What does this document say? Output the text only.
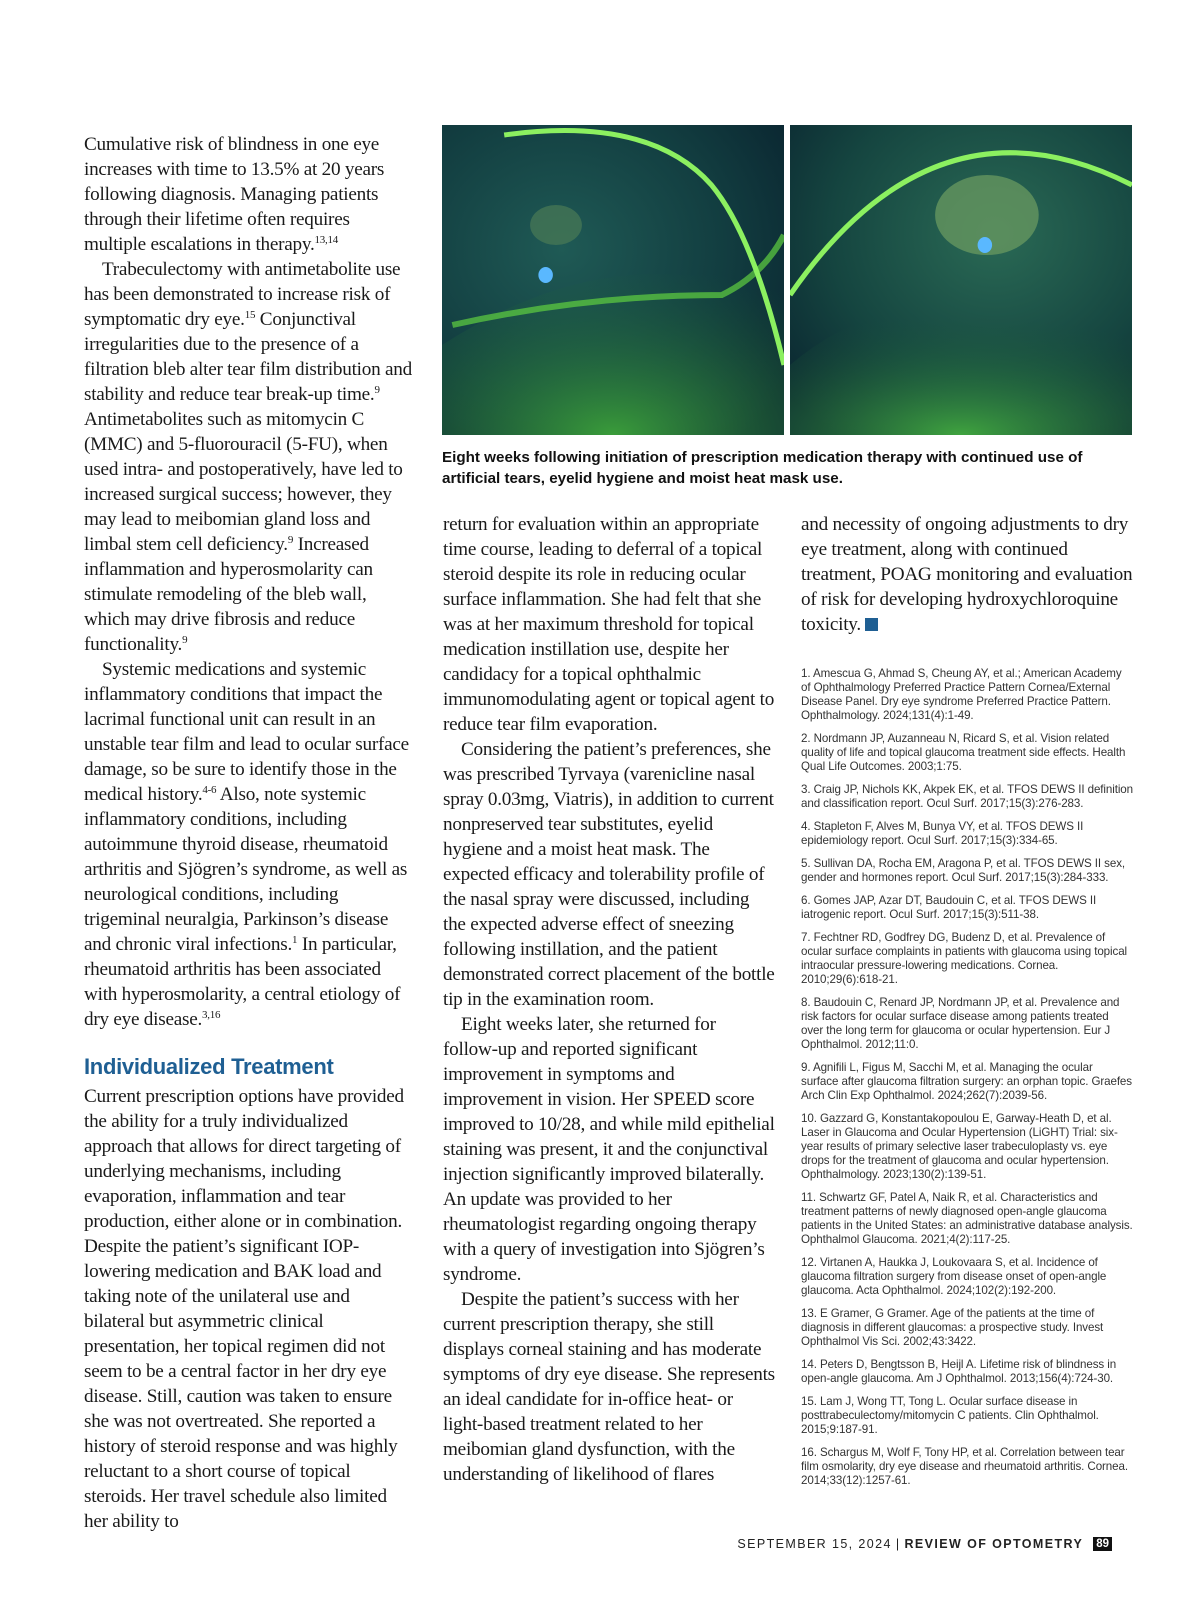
Eight weeks following initiation of prescription medication therapy with continued use of artificial tears, eyelid hygiene and moist heat mask use.

Cumulative risk of blindness in one eye increases with time to 13.5% at 20 years following diagnosis. Managing patients through their lifetime often requires multiple escalations in therapy.$^{13,14}$

Trabeculectomy with antimetabolite use has been demonstrated to increase risk of symptomatic dry eye.$^{15}$ Conjunctival irregularities due to the presence of a filtration bleb alter tear film distribution and stability and reduce tear break-up time.$^9$ Antimetabolites such as mitomycin C (MMC) and 5-fluorouracil (5-FU), when used intra- and postoperatively, have led to increased surgical success; however, they may lead to meibomian gland loss and limbal stem cell deficiency.$^9$ Increased inflammation and hyperosmolarity can stimulate remodeling of the bleb wall, which may drive fibrosis and reduce functionality.$^9$

Systemic medications and systemic inflammatory conditions that impact the lacrimal functional unit can result in an unstable tear film and lead to ocular surface damage, so be sure to identify those in the medical history.$^{4-6}$ Also, note systemic inflammatory conditions, including autoimmune thyroid disease, rheumatoid arthritis and Sjögren’s syndrome, as well as neurological conditions, including trigeminal neuralgia, Parkinson’s disease and chronic viral infections.$^1$ In particular, rheumatoid arthritis has been associated with hyperosmolarity, a central etiology of dry eye disease.$^{3,16}$

Individualized Treatment

Current prescription options have provided the ability for a truly individualized approach that allows for direct targeting of underlying mechanisms, including evaporation, inflammation and tear production, either alone or in combination. Despite the patient’s significant IOP-lowering medication and BAK load and taking note of the unilateral use and bilateral but asymmetric clinical presentation, her topical regimen did not seem to be a central factor in her dry eye disease. Still, caution was taken to ensure she was not overtreated. She reported a history of steroid response and was highly reluctant to a short course of topical steroids. Her travel schedule also limited her ability to

return for evaluation within an appropriate time course, leading to deferral of a topical steroid despite its role in reducing ocular surface inflammation. She had felt that she was at her maximum threshold for topical medication instillation use, despite her candidacy for a topical ophthalmic immunomodulating agent or topical agent to reduce tear film evaporation.

Considering the patient’s preferences, she was prescribed Tyrvaya (varenicline nasal spray 0.03mg, Viatris), in addition to current nonpreserved tear substitutes, eyelid hygiene and a moist heat mask. The expected efficacy and tolerability profile of the nasal spray were discussed, including the expected adverse effect of sneezing following instillation, and the patient demonstrated correct placement of the bottle tip in the examination room.

Eight weeks later, she returned for follow-up and reported significant improvement in symptoms and improvement in vision. Her SPEED score improved to 10/28, and while mild epithelial staining was present, it and the conjunctival injection significantly improved bilaterally. An update was provided to her rheumatologist regarding ongoing therapy with a query of investigation into Sjögren’s syndrome.

Despite the patient’s success with her current prescription therapy, she still displays corneal staining and has moderate symptoms of dry eye disease. She represents an ideal candidate for in-office heat- or light-based treatment related to her meibomian gland dysfunction, with the understanding of likelihood of flares

and necessity of ongoing adjustments to dry eye treatment, along with continued treatment, POAG monitoring and evaluation of risk for developing hydroxychloroquine toxicity.

1. Amescua G, Ahmad S, Cheung AY, et al.; American Academy of Ophthalmology Preferred Practice Pattern Cornea/External Disease Panel. Dry eye syndrome Preferred Practice Pattern. Ophthalmology. 2024;131(4):1-49.

2. Nordmann JP, Auzanneau N, Ricard S, et al. Vision related quality of life and topical glaucoma treatment side effects. Health Qual Life Outcomes. 2003;1:75.

3. Craig JP, Nichols KK, Akpek EK, et al. TFOS DEWS II definition and classification report. Ocul Surf. 2017;15(3):276-283.

4. Stapleton F, Alves M, Bunya VY, et al. TFOS DEWS II epidemiology report. Ocul Surf. 2017;15(3):334-65.

5. Sullivan DA, Rocha EM, Aragona P, et al. TFOS DEWS II sex, gender and hormones report. Ocul Surf. 2017;15(3):284-333.

6. Gomes JAP, Azar DT, Baudouin C, et al. TFOS DEWS II iatrogenic report. Ocul Surf. 2017;15(3):511-38.

7. Fechtner RD, Godfrey DG, Budenz D, et al. Prevalence of ocular surface complaints in patients with glaucoma using topical intraocular pressure-lowering medications. Cornea. 2010;29(6):618-21.

8. Baudouin C, Renard JP, Nordmann JP, et al. Prevalence and risk factors for ocular surface disease among patients treated over the long term for glaucoma or ocular hypertension. Eur J Ophthalmol. 2012;11:0.

9. Agnifili L, Figus M, Sacchi M, et al. Managing the ocular surface after glaucoma filtration surgery: an orphan topic. Graefes Arch Clin Exp Ophthalmol. 2024;262(7):2039-56.

10. Gazzard G, Konstantakopoulou E, Garway-Heath D, et al. Laser in Glaucoma and Ocular Hypertension (LiGHT) Trial: six-year results of primary selective laser trabeculoplasty vs. eye drops for the treatment of glaucoma and ocular hypertension. Ophthalmology. 2023;130(2):139-51.

11. Schwartz GF, Patel A, Naik R, et al. Characteristics and treatment patterns of newly diagnosed open-angle glaucoma patients in the United States: an administrative database analysis. Ophthalmol Glaucoma. 2021;4(2):117-25.

12. Virtanen A, Haukka J, Loukovaara S, et al. Incidence of glaucoma filtration surgery from disease onset of open-angle glaucoma. Acta Ophthalmol. 2024;102(2):192-200.

13. E Gramer, G Gramer. Age of the patients at the time of diagnosis in different glaucomas: a prospective study. Invest Ophthalmol Vis Sci. 2002;43:3422.

14. Peters D, Bengtsson B, Heijl A. Lifetime risk of blindness in open-angle glaucoma. Am J Ophthalmol. 2013;156(4):724-30.

15. Lam J, Wong TT, Tong L. Ocular surface disease in posttrabeculectomy/mitomycin C patients. Clin Ophthalmol. 2015;9:187-91.

16. Schargus M, Wolf F, Tony HP, et al. Correlation between tear film osmolarity, dry eye disease and rheumatoid arthritis. Cornea. 2014;33(12):1257-61.

SEPTEMBER 15, 2024 | REVIEW OF OPTOMETRY 89
